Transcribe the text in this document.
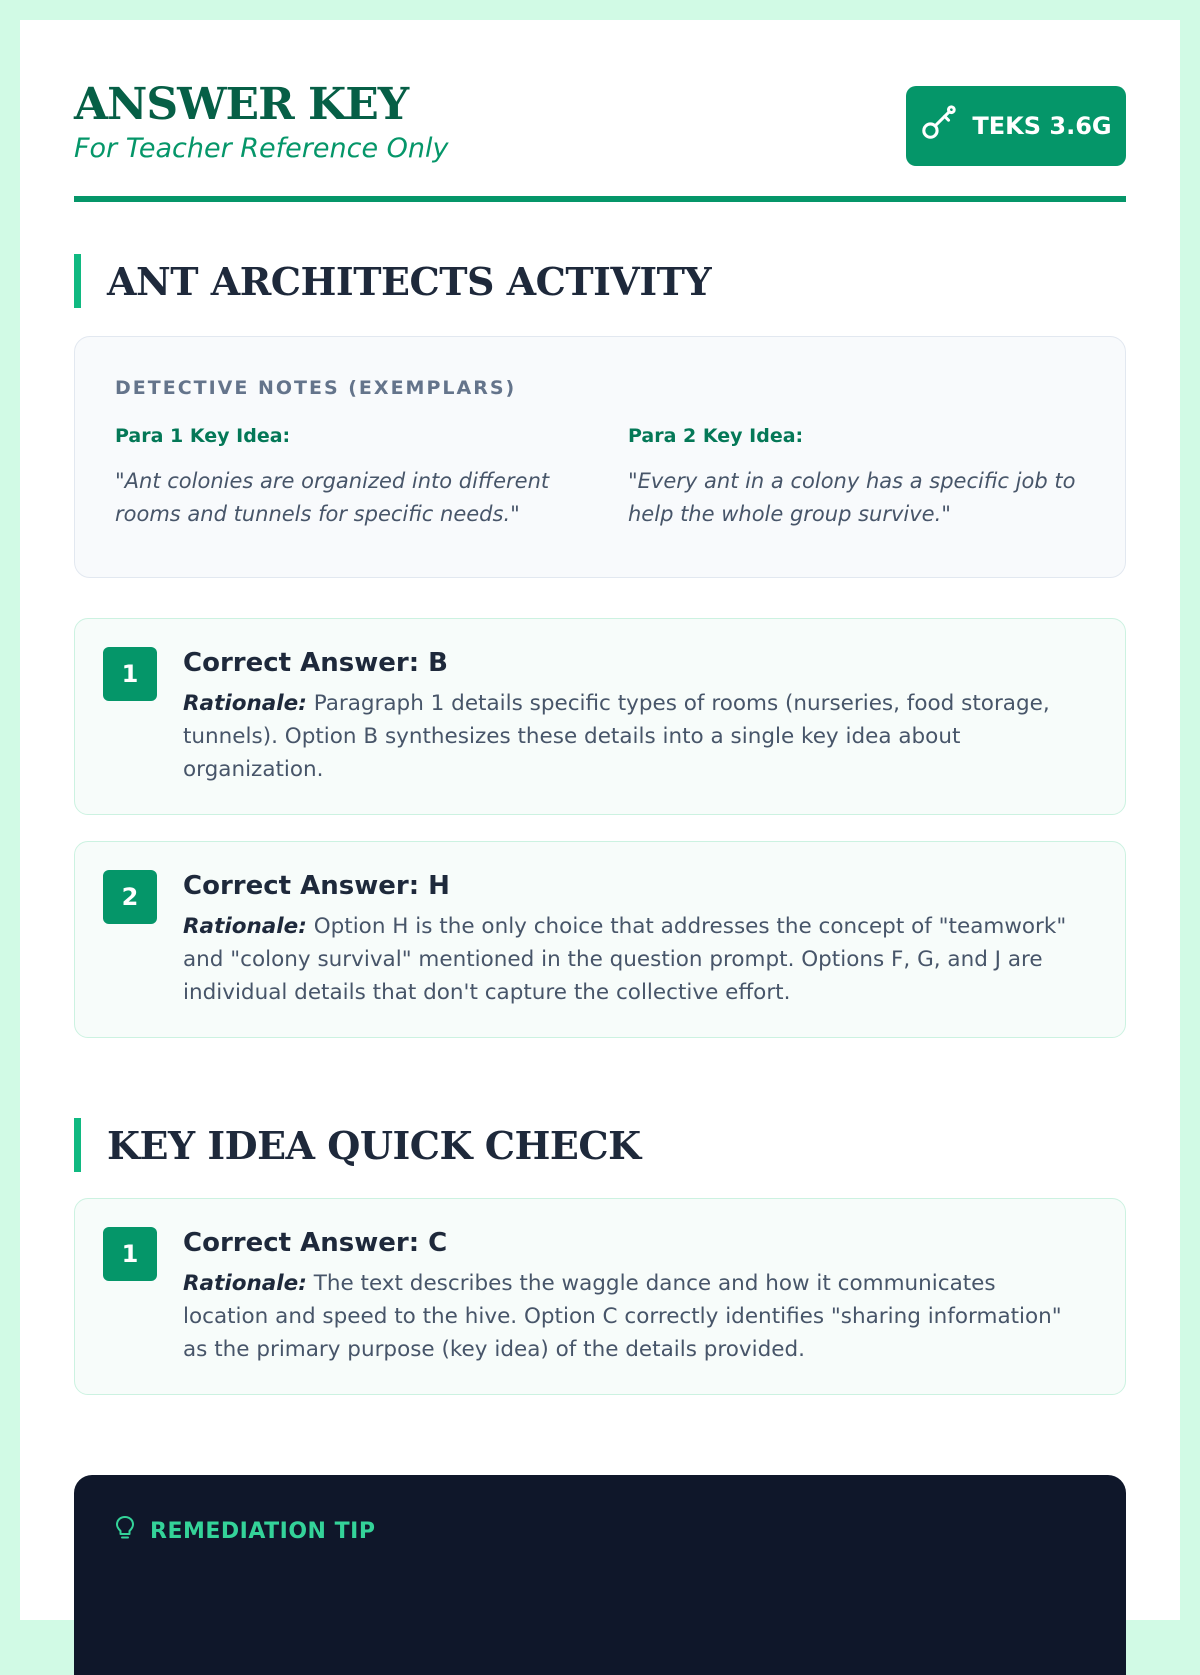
ANSWER KEY
For Teacher Reference Only
TEKS 3.6G
ANT ARCHITECTS ACTIVITY
DETECTIVE NOTES (EXEMPLARS)
Para 1 Key Idea:
"Ant colonies are organized into different rooms and tunnels for specific needs."
Para 2 Key Idea:
"Every ant in a colony has a specific job to help the whole group survive."
1	Correct Answer: B
Rationale: Paragraph 1 details specific types of rooms (nurseries, food storage, tunnels). Option B synthesizes these details into a single key idea about organization.
2	Correct Answer: H
Rationale: Option H is the only choice that addresses the concept of "teamwork" and "colony survival" mentioned in the question prompt. Options F, G, and J are individual details that don't capture the collective effort.
KEY IDEA QUICK CHECK
1	Correct Answer: C
Rationale: The text describes the waggle dance and how it communicates location and speed to the hive. Option C correctly identifies "sharing information" as the primary purpose (key idea) of the details provided.
REMEDIATION TIP
